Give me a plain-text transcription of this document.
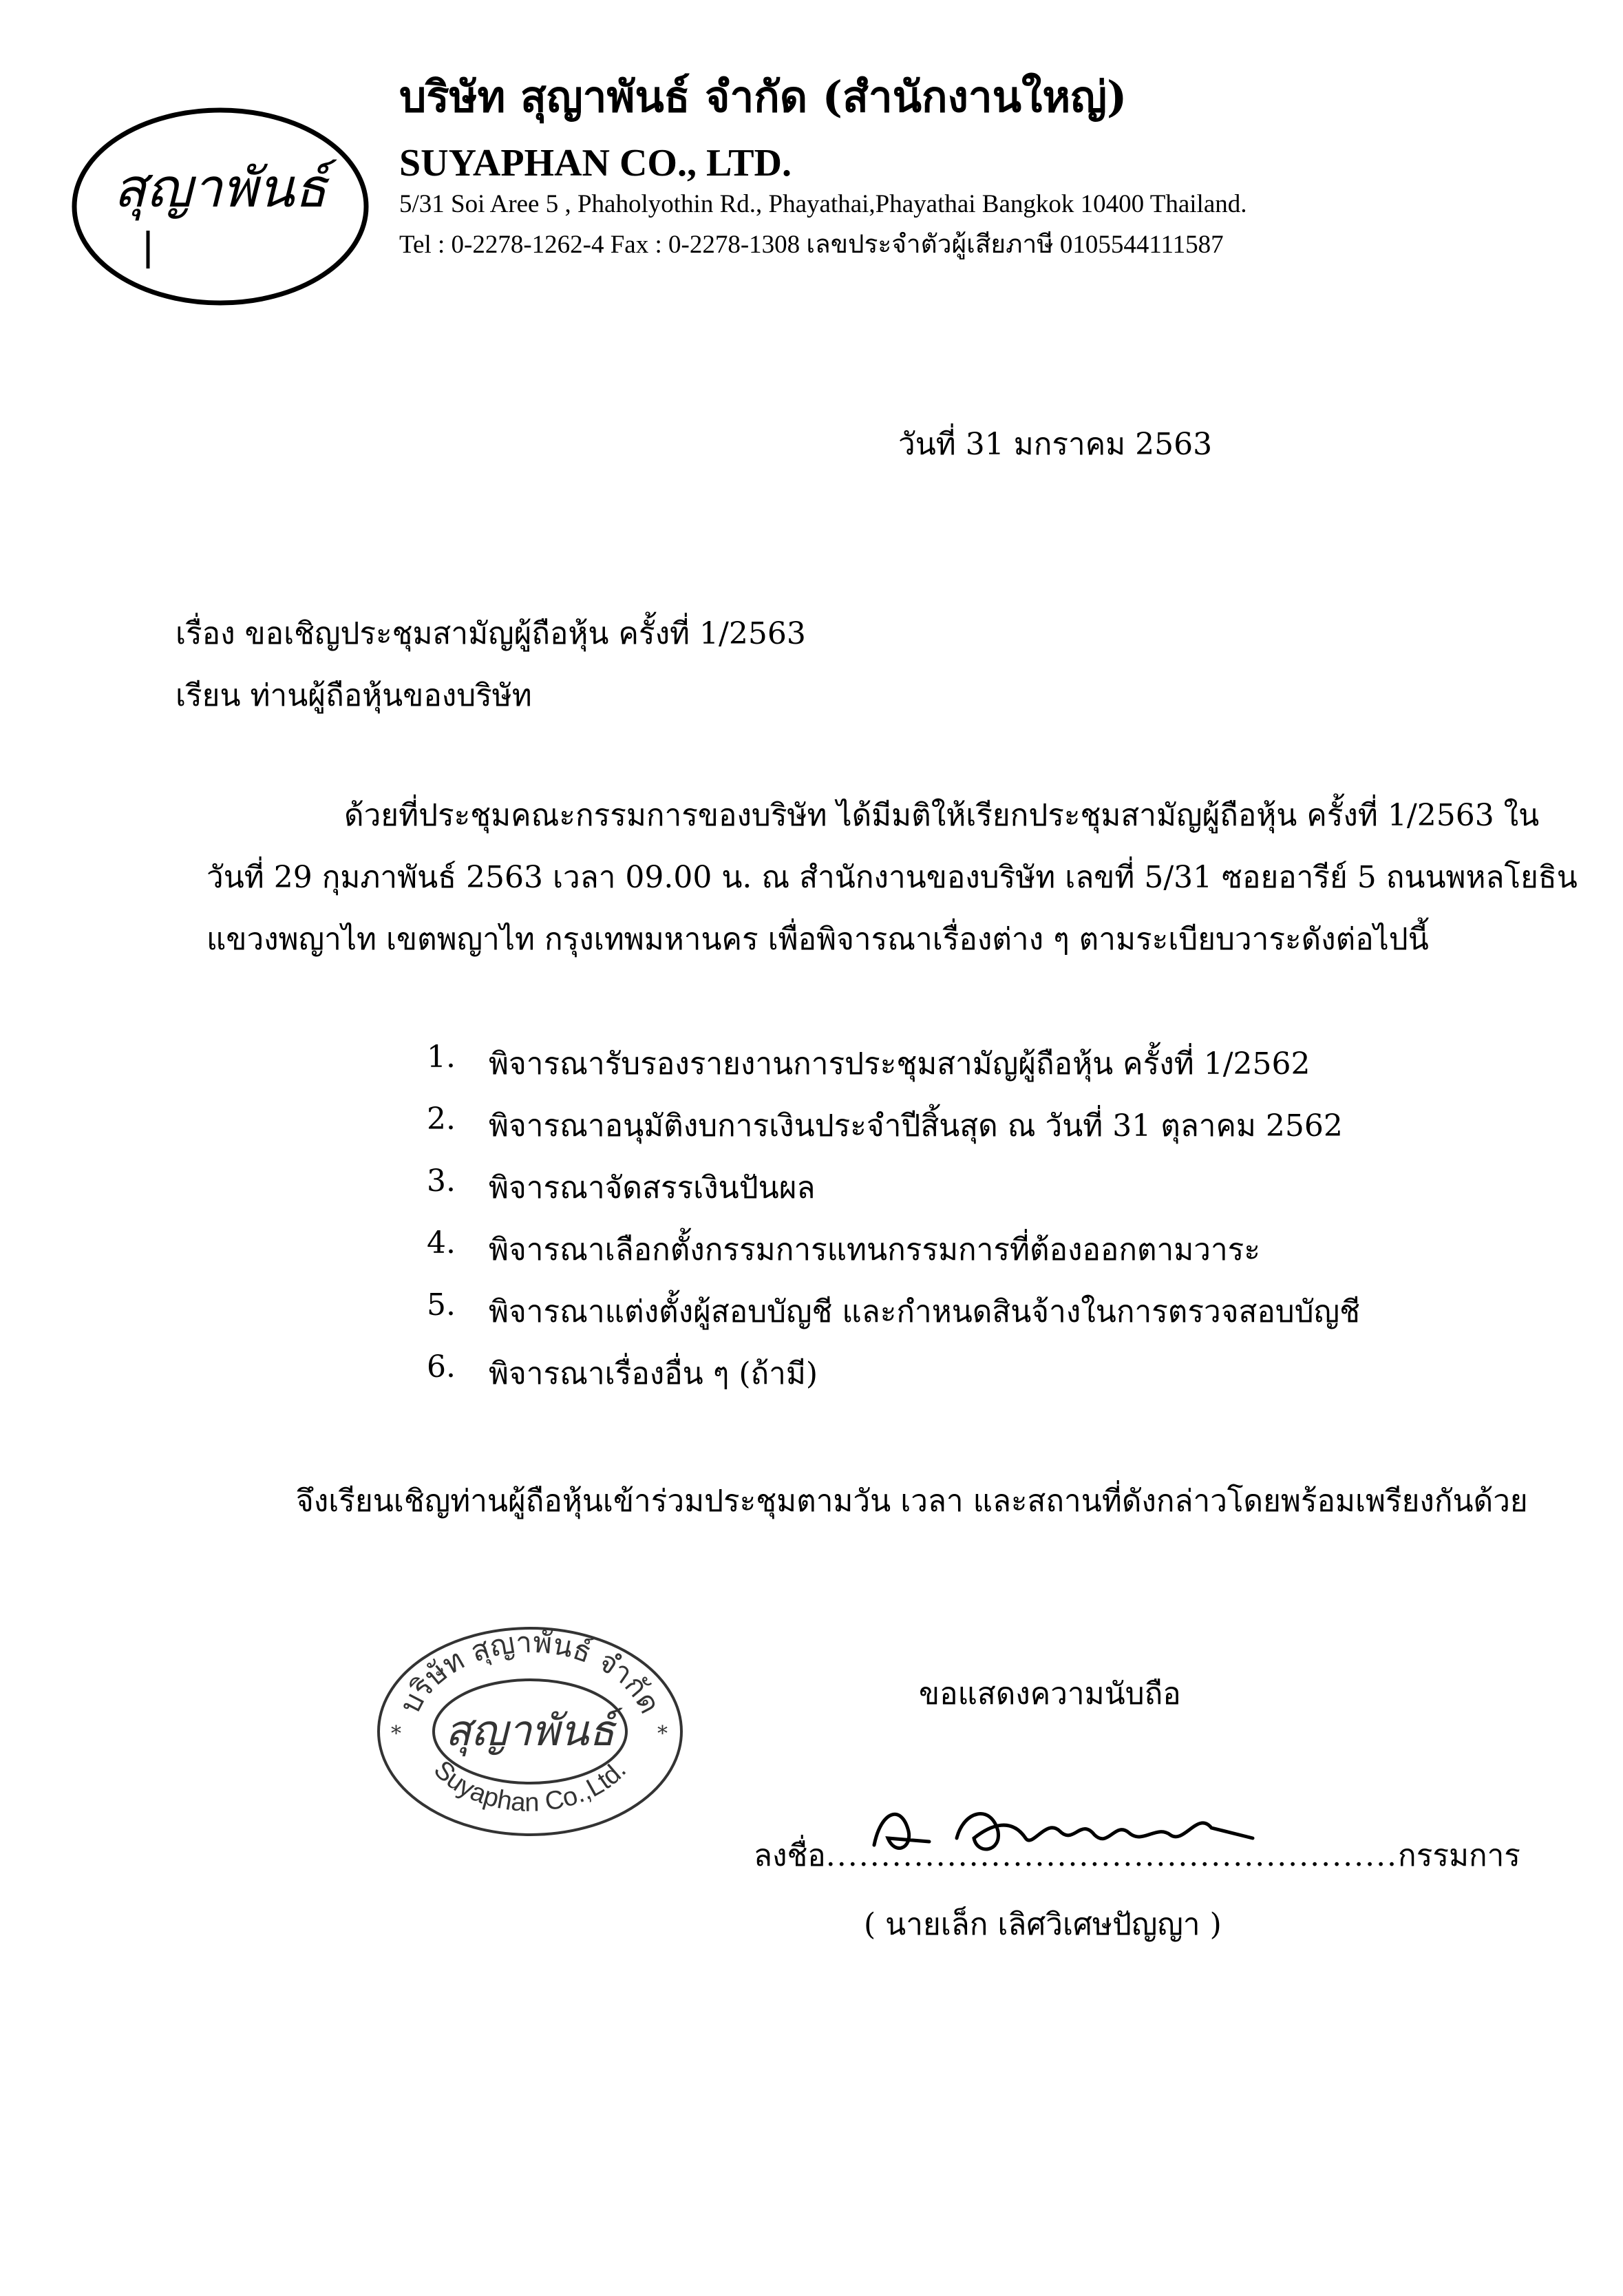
สุญาพันธ์
บริษัท สุญาพันธ์ จำกัด (สำนักงานใหญ่)
SUYAPHAN CO., LTD.
5/31 Soi Aree 5 , Phaholyothin Rd., Phayathai,Phayathai Bangkok 10400 Thailand.
Tel : 0-2278-1262-4 Fax : 0-2278-1308 เลขประจำตัวผู้เสียภาษี 0105544111587
วันที่ 31 มกราคม 2563
เรื่อง ขอเชิญประชุมสามัญผู้ถือหุ้น ครั้งที่ 1/2563
เรียน ท่านผู้ถือหุ้นของบริษัท
ด้วยที่ประชุมคณะกรรมการของบริษัท ได้มีมติให้เรียกประชุมสามัญผู้ถือหุ้น ครั้งที่ 1/2563 ใน
วันที่ 29 กุมภาพันธ์ 2563 เวลา 09.00 น. ณ สำนักงานของบริษัท เลขที่ 5/31 ซอยอารีย์ 5 ถนนพหลโยธิน
แขวงพญาไท เขตพญาไท กรุงเทพมหานคร เพื่อพิจารณาเรื่องต่าง ๆ ตามระเบียบวาระดังต่อไปนี้
1.	พิจารณารับรองรายงานการประชุมสามัญผู้ถือหุ้น ครั้งที่ 1/2562
2.	พิจารณาอนุมัติงบการเงินประจำปีสิ้นสุด ณ วันที่ 31 ตุลาคม 2562
3.	พิจารณาจัดสรรเงินปันผล
4.	พิจารณาเลือกตั้งกรรมการแทนกรรมการที่ต้องออกตามวาระ
5.	พิจารณาแต่งตั้งผู้สอบบัญชี และกำหนดสินจ้างในการตรวจสอบบัญชี
6.	พิจารณาเรื่องอื่น ๆ (ถ้ามี)
จึงเรียนเชิญท่านผู้ถือหุ้นเข้าร่วมประชุมตามวัน เวลา และสถานที่ดังกล่าวโดยพร้อมเพรียงกันด้วย
บริษัท สุญาพันธ์ จำกัด
สุญาพันธ์
Suyaphan Co.,Ltd.
*	*
ขอแสดงความนับถือ
ลงชื่อ....................................................กรรมการ
( นายเล็ก เลิศวิเศษปัญญา )
